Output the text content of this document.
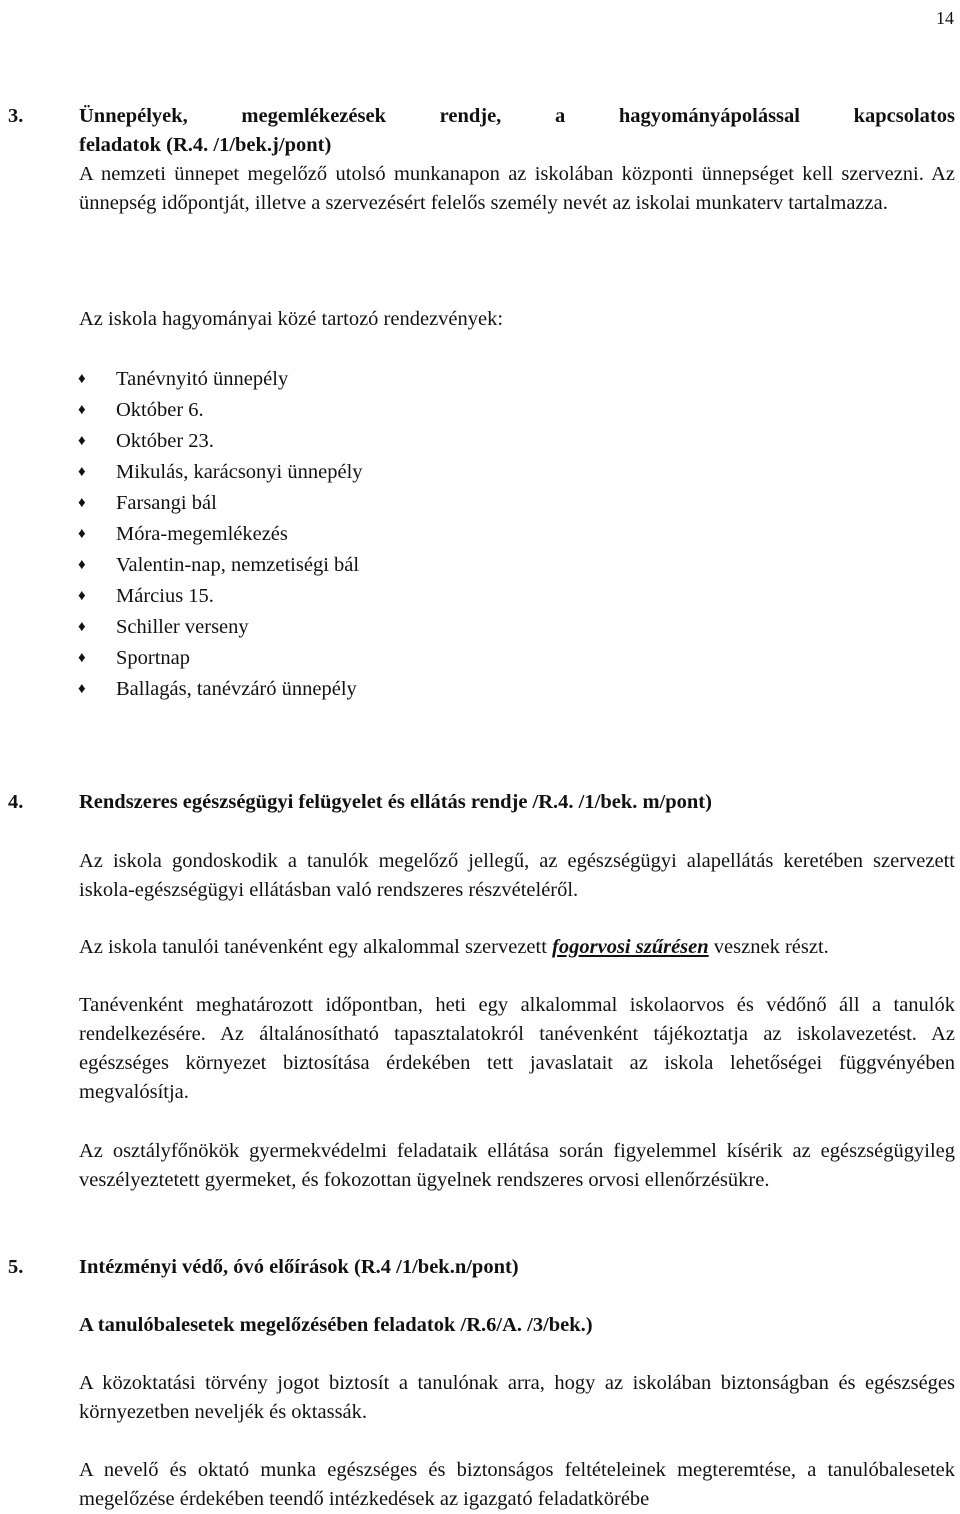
14
3.	Ünnepélyek, megemlékezések rendje, a hagyományápolással kapcsolatos
feladatok (R.4. /1/bek.j/pont)
A nemzeti ünnepet megelőző utolsó munkanapon az iskolában központi ünnepséget kell szervezni. Az ünnepség időpontját, illetve a szervezésért felelős személy nevét az iskolai munkaterv tartalmazza.
Az iskola hagyományai közé tartozó rendezvények:
♦ Tanévnyitó ünnepély
♦ Október 6.
♦ Október 23.
♦ Mikulás, karácsonyi ünnepély
♦ Farsangi bál
♦ Móra-megemlékezés
♦ Valentin-nap, nemzetiségi bál
♦ Március 15.
♦ Schiller verseny
♦ Sportnap
♦ Ballagás, tanévzáró ünnepély
4.	Rendszeres egészségügyi felügyelet és ellátás rendje /R.4. /1/bek. m/pont)
Az iskola gondoskodik a tanulók megelőző jellegű, az egészségügyi alapellátás keretében szervezett iskola-egészségügyi ellátásban való rendszeres részvételéről.
Az iskola tanulói tanévenként egy alkalommal szervezett fogorvosi szűrésen vesznek részt.
Tanévenként meghatározott időpontban, heti egy alkalommal iskolaorvos és védőnő áll a tanulók rendelkezésére. Az általánosítható tapasztalatokról tanévenként tájékoztatja az iskolavezetést. Az egészséges környezet biztosítása érdekében tett javaslatait az iskola lehetőségei függvényében megvalósítja.
Az osztályfőnökök gyermekvédelmi feladataik ellátása során figyelemmel kísérik az egészségügyileg veszélyeztetett gyermeket, és fokozottan ügyelnek rendszeres orvosi ellenőrzésükre.
5.	Intézményi védő, óvó előírások (R.4 /1/bek.n/pont)
A tanulóbalesetek megelőzésében feladatok /R.6/A. /3/bek.)
A közoktatási törvény jogot biztosít a tanulónak arra, hogy az iskolában biztonságban és egészséges környezetben neveljék és oktassák.
A nevelő és oktató munka egészséges és biztonságos feltételeinek megteremtése, a tanulóbalesetek megelőzése érdekében teendő intézkedések az igazgató feladatkörébe
